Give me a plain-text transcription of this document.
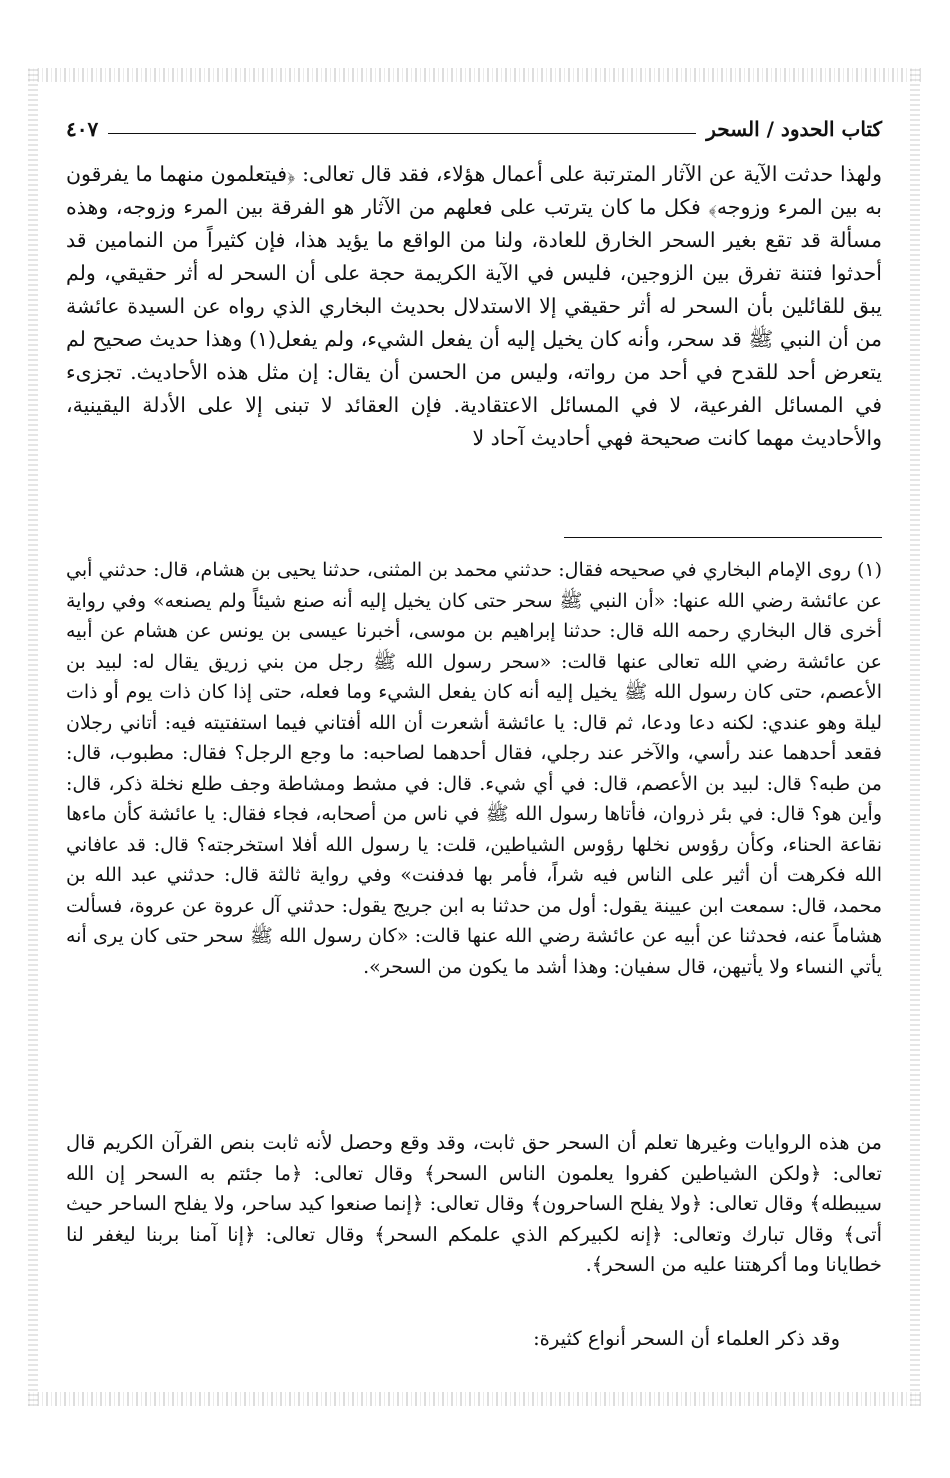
كتاب الحدود / السحر
٤٠٧

ولهذا حدثت الآية عن الآثار المترتبة على أعمال هؤلاء، فقد قال تعالى: ﴿فيتعلمون منهما ما يفرقون به بين المرء وزوجه﴾ فكل ما كان يترتب على فعلهم من الآثار هو الفرقة بين المرء وزوجه، وهذه مسألة قد تقع بغير السحر الخارق للعادة، ولنا من الواقع ما يؤيد هذا، فإن كثيراً من النمامين قد أحدثوا فتنة تفرق بين الزوجين، فليس في الآية الكريمة حجة على أن السحر له أثر حقيقي، ولم يبق للقائلين بأن السحر له أثر حقيقي إلا الاستدلال بحديث البخاري الذي رواه عن السيدة عائشة من أن النبي ﷺ قد سحر، وأنه كان يخيل إليه أن يفعل الشيء، ولم يفعل(١) وهذا حديث صحيح لم يتعرض أحد للقدح في أحد من رواته، وليس من الحسن أن يقال: إن مثل هذه الأحاديث. تجزىء في المسائل الفرعية، لا في المسائل الاعتقادية. فإن العقائد لا تبنى إلا على الأدلة اليقينية، والأحاديث مهما كانت صحيحة فهي أحاديث آحاد لا

(١) روى الإمام البخاري في صحيحه فقال: حدثني محمد بن المثنى، حدثنا يحيى بن هشام، قال: حدثني أبي عن عائشة رضي الله عنها: «أن النبي ﷺ سحر حتى كان يخيل إليه أنه صنع شيئاً ولم يصنعه» وفي رواية أخرى قال البخاري رحمه الله قال: حدثنا إبراهيم بن موسى، أخبرنا عيسى بن يونس عن هشام عن أبيه عن عائشة رضي الله تعالى عنها قالت: «سحر رسول الله ﷺ رجل من بني زريق يقال له: لبيد بن الأعصم، حتى كان رسول الله ﷺ يخيل إليه أنه كان يفعل الشيء وما فعله، حتى إذا كان ذات يوم أو ذات ليلة وهو عندي: لكنه دعا ودعا، ثم قال: يا عائشة أشعرت أن الله أفتاني فيما استفتيته فيه: أتاني رجلان فقعد أحدهما عند رأسي، والآخر عند رجلي، فقال أحدهما لصاحبه: ما وجع الرجل؟ فقال: مطبوب، قال: من طبه؟ قال: لبيد بن الأعصم، قال: في أي شيء. قال: في مشط ومشاطة وجف طلع نخلة ذكر، قال: وأين هو؟ قال: في بئر ذروان، فأتاها رسول الله ﷺ في ناس من أصحابه، فجاء فقال: يا عائشة كأن ماءها نقاعة الحناء، وكأن رؤوس نخلها رؤوس الشياطين، قلت: يا رسول الله أفلا استخرجته؟ قال: قد عافاني الله فكرهت أن أثير على الناس فيه شراً، فأمر بها فدفنت» وفي رواية ثالثة قال: حدثني عبد الله بن محمد، قال: سمعت ابن عيينة يقول: أول من حدثنا به ابن جريج يقول: حدثني آل عروة عن عروة، فسألت هشاماً عنه، فحدثنا عن أبيه عن عائشة رضي الله عنها قالت: «كان رسول الله ﷺ سحر حتى كان يرى أنه يأتي النساء ولا يأتيهن، قال سفيان: وهذا أشد ما يكون من السحر».

من هذه الروايات وغيرها تعلم أن السحر حق ثابت، وقد وقع وحصل لأنه ثابت بنص القرآن الكريم قال تعالى: ﴿ولكن الشياطين كفروا يعلمون الناس السحر﴾ وقال تعالى: ﴿ما جئتم به السحر إن الله سيبطله﴾ وقال تعالى: ﴿ولا يفلح الساحرون﴾ وقال تعالى: ﴿إنما صنعوا كيد ساحر، ولا يفلح الساحر حيث أتى﴾ وقال تبارك وتعالى: ﴿إنه لكبيركم الذي علمكم السحر﴾ وقال تعالى: ﴿إنا آمنا بربنا ليغفر لنا خطايانا وما أكرهتنا عليه من السحر﴾.

وقد ذكر العلماء أن السحر أنواع كثيرة:
